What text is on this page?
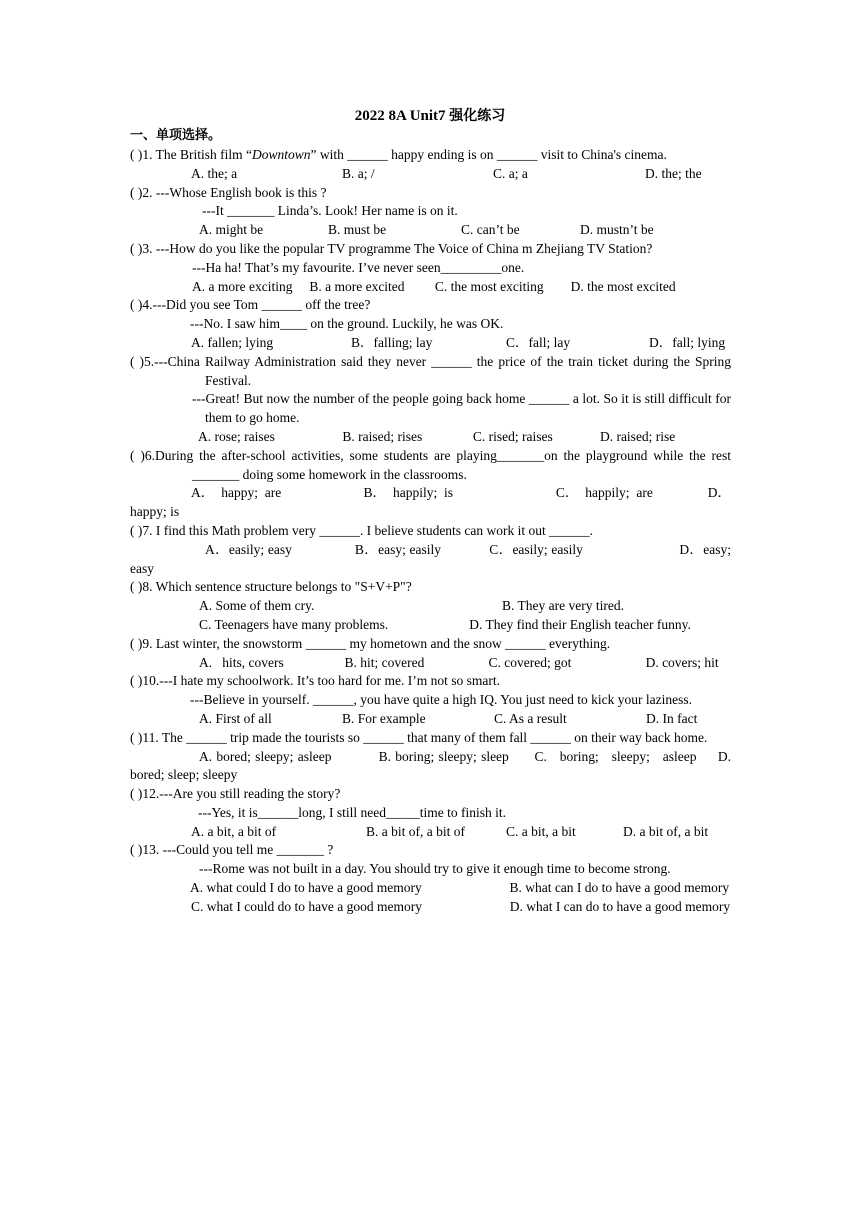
2022 8A Unit7 强化练习
一、单项选择。
( )1. The British film “Downtown” with ______ happy ending is on ______ visit to China's cinema.
A. the; a	B. a; /	C. a; a	D. the; the
( )2. ---Whose English book is this ?
---It _______ Linda’s. Look! Her name is on it.
A. might be	B. must be	C. can’t be	D. mustn’t be
( )3. ---How do you like the popular TV programme The Voice of China m Zhejiang TV Station?
---Ha ha! That’s my favourite. I’ve never seen_________one.
A. a more exciting     B. a more excited         C. the most exciting        D. the most excited
( )4.---Did you see Tom ______ off the tree?
---No. I saw him____ on the ground. Luckily, he was OK.
A. fallen; lying	B．falling; lay	C．fall; lay	D．fall; lying
( )5.---China Railway Administration said they never ______ the price of the train ticket during the Spring Festival.
---Great! But now the number of the people going back home ______ a lot. So it is still difficult for them to go home.
A. rose; raises                    B. raised; rises               C. rised; raises              D. raised; rise
( )6.During the after-school activities, some students are playing_______on the playground while the rest _______ doing some homework in the classrooms.
A．  happy;  are                        B．  happily;  is                              C．  happily;  are                D．happy; is
( )7. I find this Math problem very ______. I believe students can work it out ______.
A．easily; easy                 B．easy; easily             C．easily; easily                          D．easy; easy
( )8. Which sentence structure belongs to "S+V+P"?
A. Some of them cry.	B. They are very tired.
C. Teenagers have many problems.                        D. They find their English teacher funny.
( )9. Last winter, the snowstorm ______ my hometown and the snow ______ everything.
A.   hits, covers                  B. hit; covered                   C. covered; got                      D. covers; hit
( )10.---I hate my schoolwork. It’s too hard for me. I’m not so smart.
---Believe in yourself. ______, you have quite a high IQ. You just need to kick your laziness.
A. First of all	B. For example	C. As a result	D. In fact
( )11. The ______ trip made the tourists so ______ that many of them fall ______ on their way back home.
A. bored; sleepy; asleep           B. boring; sleepy; sleep      C.   boring;   sleepy;   asleep     D. bored; sleep; sleepy
( )12.---Are you still reading the story?
---Yes, it is______long, I still need_____time to finish it.
A. a bit, a bit of	B. a bit of, a bit of	C. a bit, a bit	D. a bit of, a bit
( )13. ---Could you tell me _______ ?
---Rome was not built in a day. You should try to give it enough time to become strong.
A. what could I do to have a good memory                          B. what can I do to have a good memory
C. what I could do to have a good memory                          D. what I can do to have a good memory
